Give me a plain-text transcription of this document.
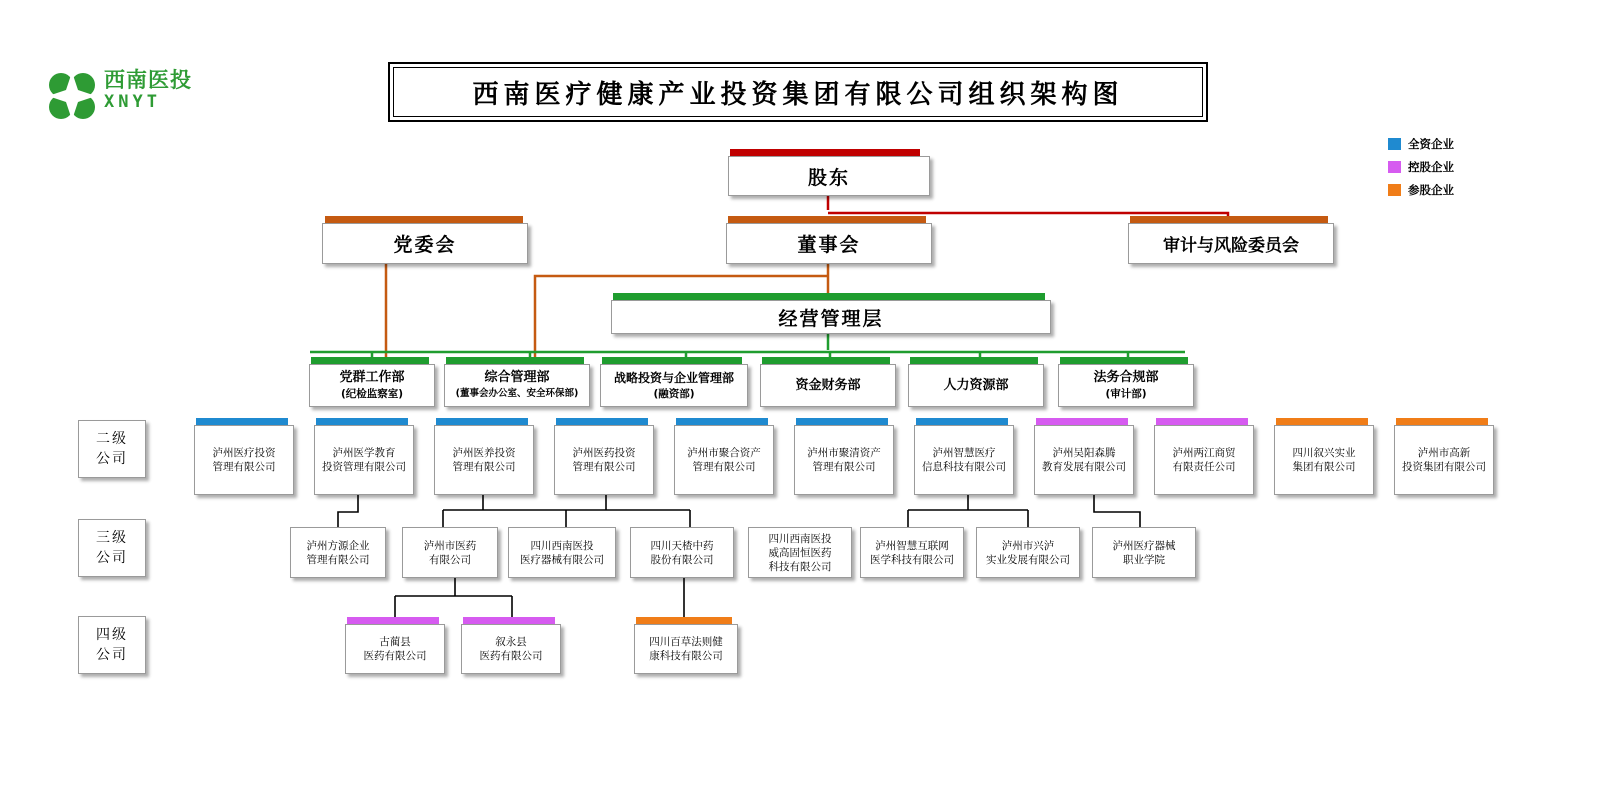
西南医投
XNYT	西南医疗健康产业投资集团有限公司组织架构图
全资企业
控股企业
参股企业
股东
党委会	董事会	审计与风险委员会
经营管理层
党群工作部
(纪检监察室)
综合管理部
(董事会办公室、安全环保部)
战略投资与企业管理部
(融资部)
资金财务部	人力资源部
法务合规部
(审计部)
二级
公司
三级
公司
四级
公司
泸州医疗投资
管理有限公司
泸州医学教育
投资管理有限公司
泸州医养投资
管理有限公司
泸州医药投资
管理有限公司
泸州市聚合资产
管理有限公司
泸州市聚清资产
管理有限公司
泸州智慧医疗
信息科技有限公司
泸州吴阳森腾
教育发展有限公司
泸州两江商贸
有限责任公司
四川叙兴实业
集团有限公司
泸州市高新
投资集团有限公司
泸州方源企业
管理有限公司
泸州市医药
有限公司
四川西南医投
医疗器械有限公司
四川天楂中药
股份有限公司
四川西南医投
威高固恒医药
科技有限公司
泸州智慧互联网
医学科技有限公司
泸州市兴泸
实业发展有限公司
泸州医疗器械
职业学院
古蔺县
医药有限公司
叙永县
医药有限公司
四川百草法则健
康科技有限公司
